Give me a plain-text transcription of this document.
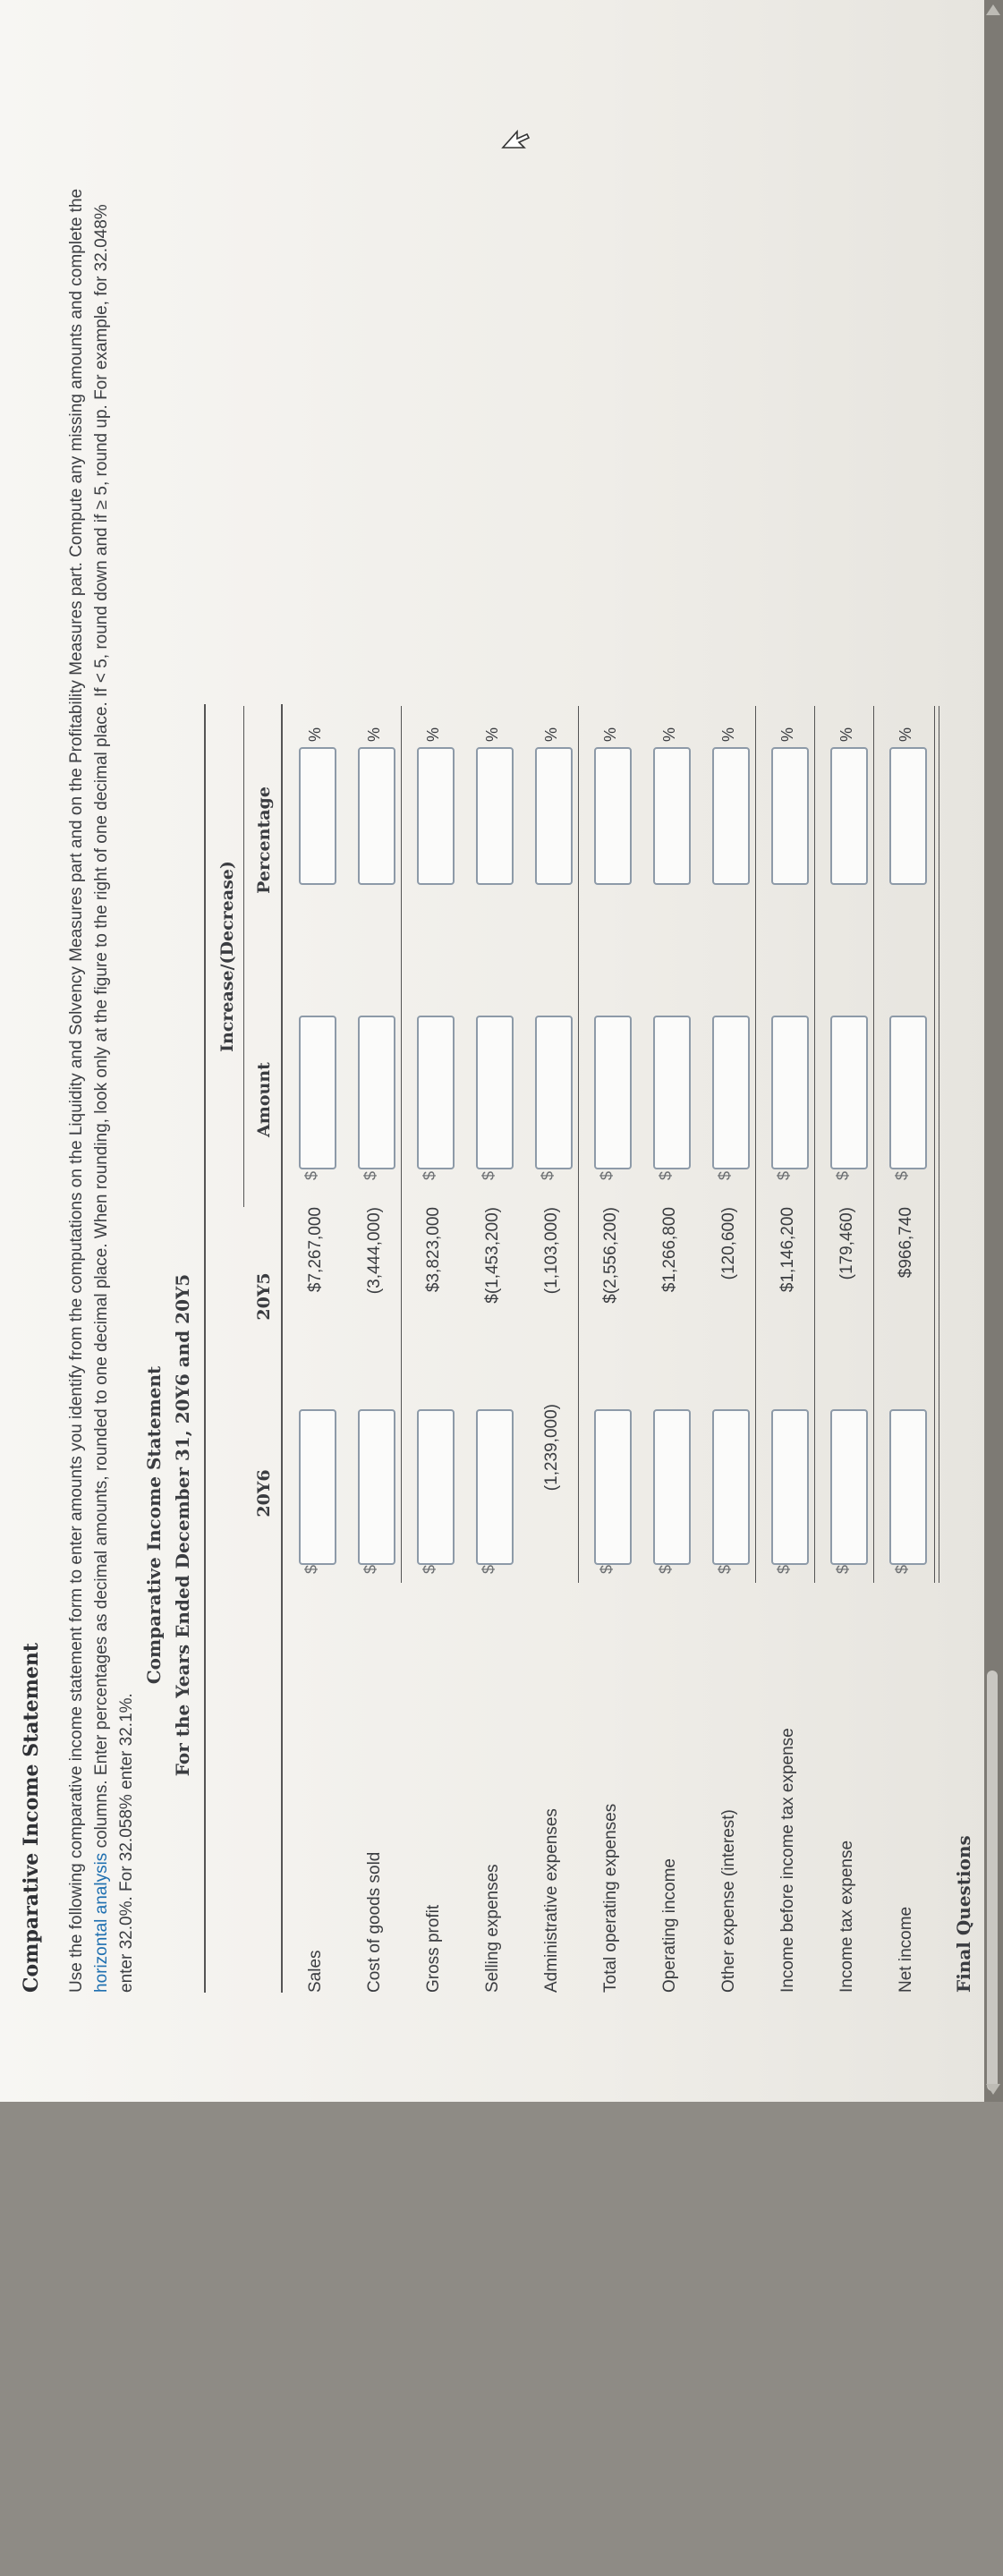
Comparative Income Statement Use the following comparative income statement form to enter amounts you identify from the computations on the Liquidity and Solvency Measures part and on the Profitability Measures part. Compute any missing amounts and complete the horizontal analysis columns. Enter percentages as decimal amounts, rounded to one decimal place. When rounding, look only at the figure to the right of one decimal place. If < 5, round down and if ≥ 5, round up. For example, for 32.048% enter 32.0%. For 32.058% enter 32.1%.
Comparative Income Statement For the Years Ended December 31, 20Y6 and 20Y5
Increase/(Decrease)
20Y6
20Y5
Amount
Percentage
Sales
$
$7,267,000
$
%
Cost of goods sold
$
(3,444,000)
$
%
Gross profit
$
$3,823,000
$
%
Selling expenses
$
$(1,453,200)
$
%
Administrative expenses
(1,239,000)
(1,103,000)
$
%
Total operating expenses
$
$(2,556,200)
$
%
Operating income
$
$1,266,800
$
%
Other expense (interest)
$
(120,600)
$
%
Income before income tax expense
$
$1,146,200
$
%
Income tax expense
$
(179,460)
$
%
Net income
$
$966,740
$
%
Final Questions
